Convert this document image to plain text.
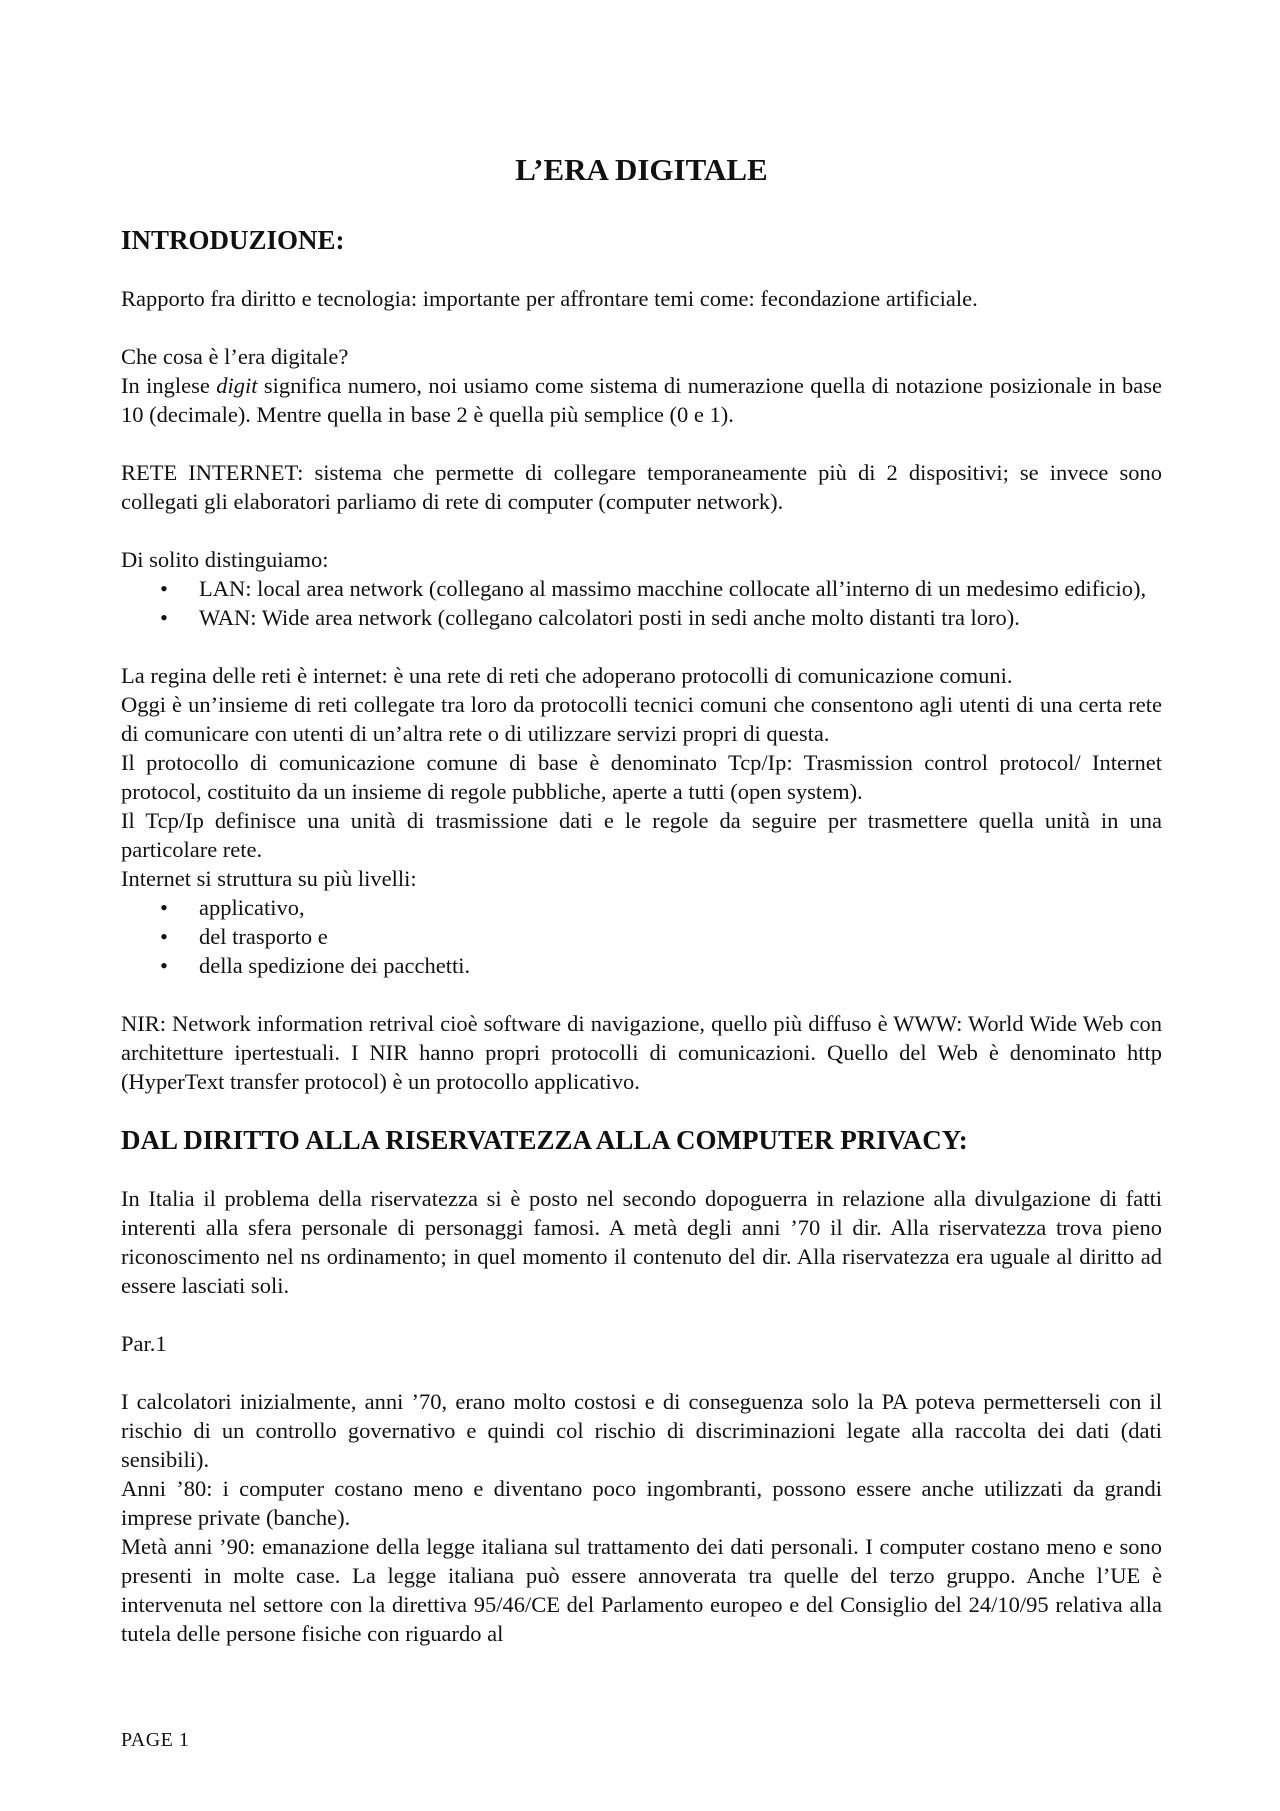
L’ERA DIGITALE
INTRODUZIONE:

Rapporto fra diritto e tecnologia: importante per affrontare temi come: fecondazione artificiale.

Che cosa è l’era digitale?

In inglese digit significa numero, noi usiamo come sistema di numerazione quella di notazione posizionale in base 10 (decimale). Mentre quella in base 2 è quella più semplice (0 e 1).

RETE INTERNET: sistema che permette di collegare temporaneamente più di 2 dispositivi; se invece sono collegati gli elaboratori parliamo di rete di computer (computer network).

Di solito distinguiamo:

•	LAN: local area network (collegano al massimo macchine collocate all’interno di un medesimo edificio),
•	WAN: Wide area network (collegano calcolatori posti in sedi anche molto distanti tra loro).

La regina delle reti è internet: è una rete di reti che adoperano protocolli di comunicazione comuni.

Oggi è un’insieme di reti collegate tra loro da protocolli tecnici comuni che consentono agli utenti di una certa rete di comunicare con utenti di un’altra rete o di utilizzare servizi propri di questa.

Il protocollo di comunicazione comune di base è denominato Tcp/Ip: Trasmission control protocol/ Internet protocol, costituito da un insieme di regole pubbliche, aperte a tutti (open system).

Il Tcp/Ip definisce una unità di trasmissione dati e le regole da seguire per trasmettere quella unità in una particolare rete.

Internet si struttura su più livelli:

•	applicativo,
•	del trasporto e
•	della spedizione dei pacchetti.

NIR: Network information retrival cioè software di navigazione, quello più diffuso è WWW: World Wide Web con architetture ipertestuali. I NIR hanno propri protocolli di comunicazioni. Quello del Web è denominato http (HyperText transfer protocol) è un protocollo applicativo.

DAL DIRITTO ALLA RISERVATEZZA ALLA COMPUTER PRIVACY:

In Italia il problema della riservatezza si è posto nel secondo dopoguerra in relazione alla divulgazione di fatti interenti alla sfera personale di personaggi famosi. A metà degli anni ’70 il dir. Alla riservatezza trova pieno riconoscimento nel ns ordinamento; in quel momento il contenuto del dir. Alla riservatezza era uguale al diritto ad essere lasciati soli.

Par.1

I calcolatori inizialmente, anni ’70, erano molto costosi e di conseguenza solo la PA poteva permetterseli con il rischio di un controllo governativo e quindi col rischio di discriminazioni legate alla raccolta dei dati (dati sensibili).

Anni ’80: i computer costano meno e diventano poco ingombranti, possono essere anche utilizzati da grandi imprese private (banche).

Metà anni ’90: emanazione della legge italiana sul trattamento dei dati personali. I computer costano meno e sono presenti in molte case. La legge italiana può essere annoverata tra quelle del terzo gruppo. Anche l’UE è intervenuta nel settore con la direttiva 95/46/CE del Parlamento europeo e del Consiglio del 24/10/95 relativa alla tutela delle persone fisiche con riguardo al

PAGE 1
